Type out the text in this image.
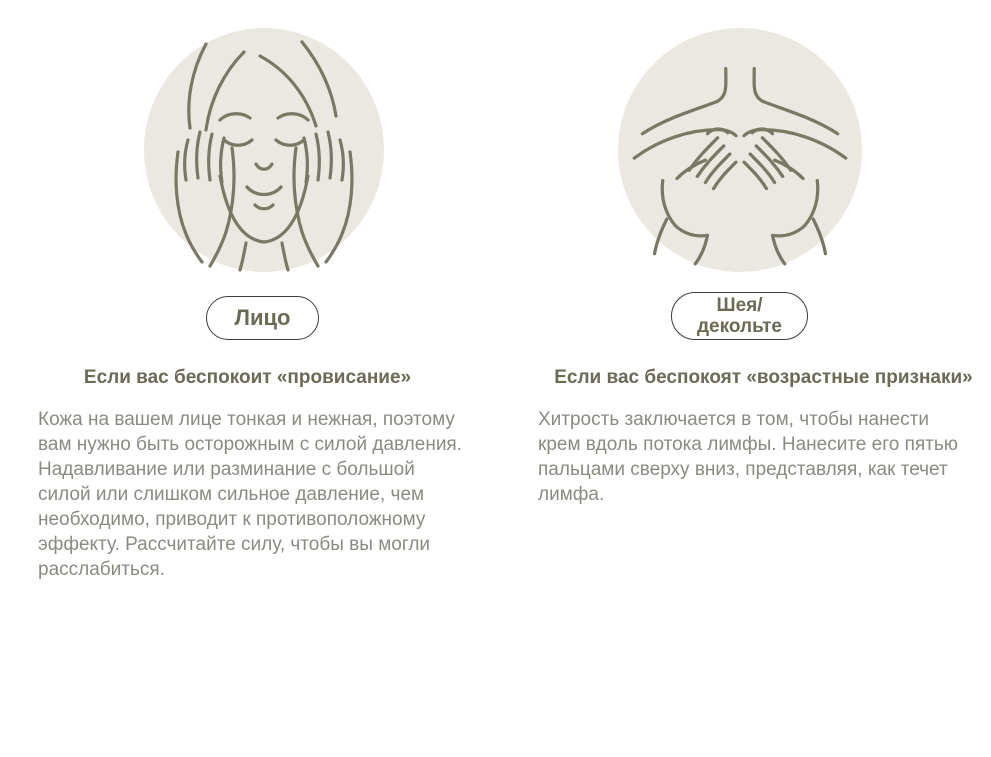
Лицо	Шея/
декольте
Если вас беспокоит «провисание»	Если вас беспокоят «возрастные признаки»
Кожа на вашем лице тонкая и нежная, поэтому вам нужно быть осторожным с силой давления. Надавливание или разминание с большой силой или слишком сильное давление, чем необходимо, приводит к противоположному эффекту. Рассчитайте силу, чтобы вы могли расслабиться.
Хитрость заключается в том, чтобы нанести крем вдоль потока лимфы. Нанесите его пятью пальцами сверху вниз, представляя, как течет лимфа.
